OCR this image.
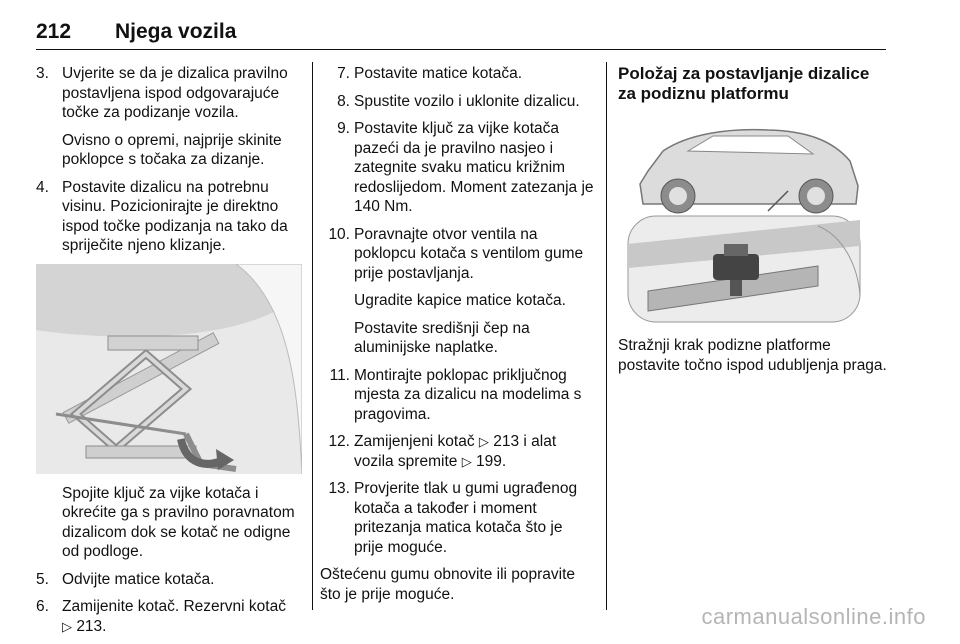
212 Njega vozila
3. Uvjerite se da je dizalica pravilno postavljena ispod odgovarajuće točke za podizanje vozila.
Ovisno o opremi, najprije skinite poklopce s točaka za dizanje.
4. Postavite dizalicu na potrebnu visinu. Pozicionirajte je direktno ispod točke podizanja na tako da spriječite njeno klizanje.
Spojite ključ za vijke kotača i okrećite ga s pravilno poravnatom dizalicom dok se kotač ne odigne od podloge.
5. Odvijte matice kotača.
6. Zamijenite kotač. Rezervni kotač
▷ 213.
7. Postavite matice kotača.
8. Spustite vozilo i uklonite dizalicu.
9. Postavite ključ za vijke kotača pazeći da je pravilno nasjeo i zategnite svaku maticu križnim redoslijedom. Moment zatezanja je 140 Nm.
10. Poravnajte otvor ventila na poklopcu kotača s ventilom gume prije postavljanja.
Ugradite kapice matice kotača.
Postavite središnji čep na aluminijske naplatke.
11. Montirajte poklopac priključnog mjesta za dizalicu na modelima s pragovima.
12. Zamijenjeni kotač ▷ 213 i alat vozila spremite ▷ 199.
13. Provjerite tlak u gumi ugrađenog kotača a također i moment pritezanja matica kotača što je prije moguće.
Oštećenu gumu obnovite ili popravite što je prije moguće.
Položaj za postavljanje dizalice za podiznu platformu
Stražnji krak podizne platforme postavite točno ispod udubljenja praga.
carmanualsonline.info
